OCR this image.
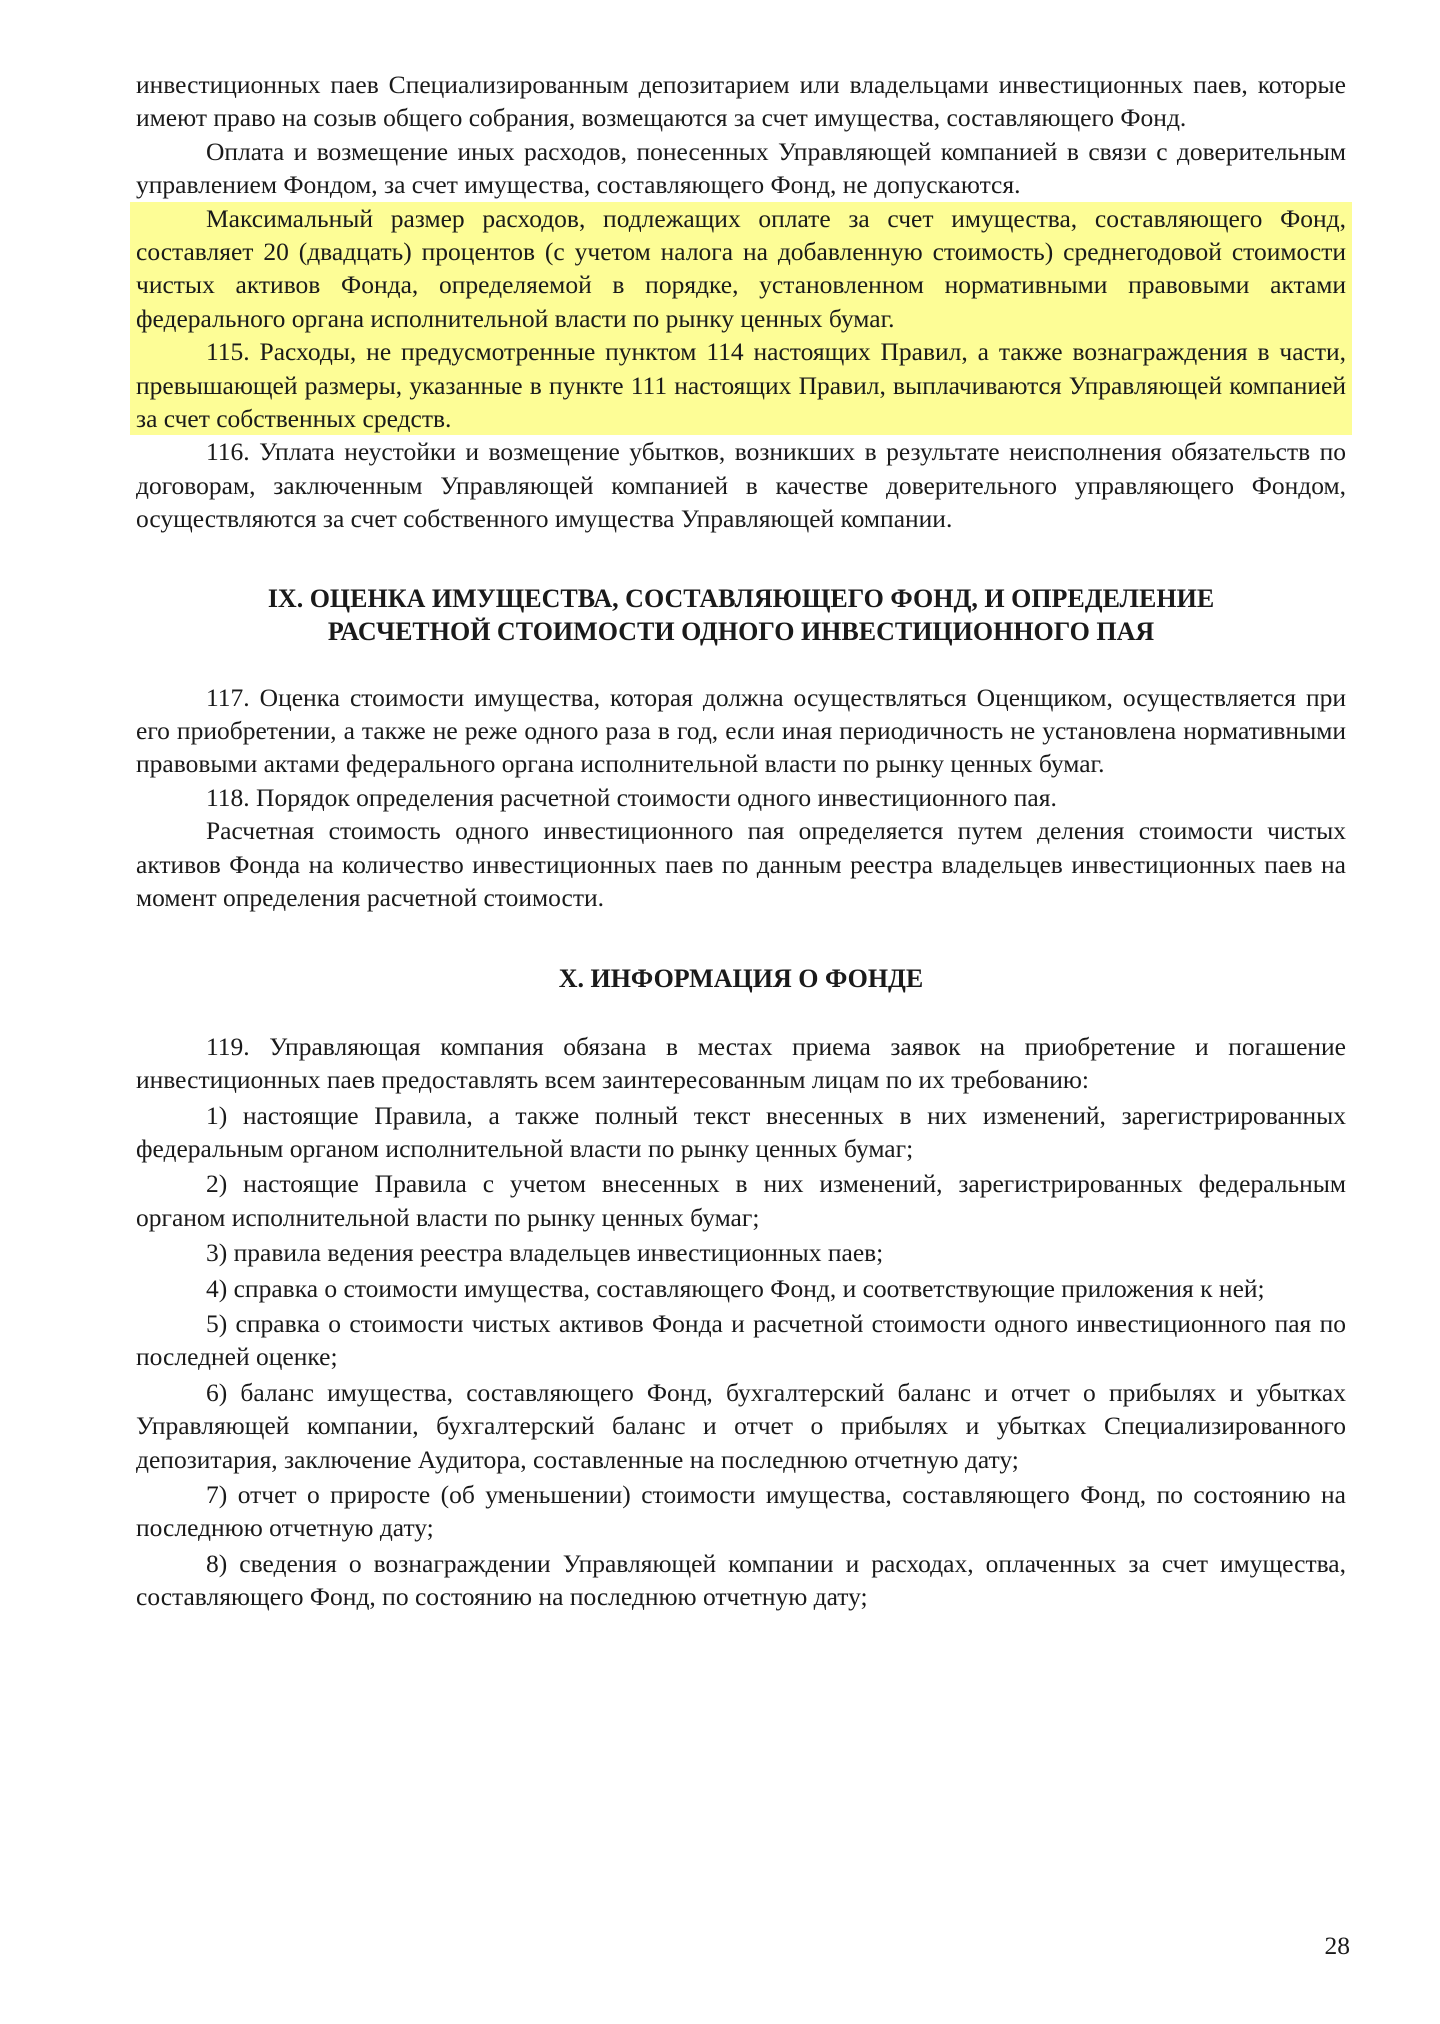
инвестиционных паев Специализированным депозитарием или владельцами инвестиционных паев, которые имеют право на созыв общего собрания, возмещаются за счет имущества, составляющего Фонд.

Оплата и возмещение иных расходов, понесенных Управляющей компанией в связи с доверительным управлением Фондом, за счет имущества, составляющего Фонд, не допускаются.

Максимальный размер расходов, подлежащих оплате за счет имущества, составляющего Фонд, составляет 20 (двадцать) процентов (с учетом налога на добавленную стоимость) среднегодовой стоимости чистых активов Фонда, определяемой в порядке, установленном нормативными правовыми актами федерального органа исполнительной власти по рынку ценных бумаг.

115. Расходы, не предусмотренные пунктом 114 настоящих Правил, а также вознаграждения в части, превышающей размеры, указанные в пункте 111 настоящих Правил, выплачиваются Управляющей компанией за счет собственных средств.

116. Уплата неустойки и возмещение убытков, возникших в результате неисполнения обязательств по договорам, заключенным Управляющей компанией в качестве доверительного управляющего Фондом, осуществляются за счет собственного имущества Управляющей компании.

IX. ОЦЕНКА ИМУЩЕСТВА, СОСТАВЛЯЮЩЕГО ФОНД, И ОПРЕДЕЛЕНИЕ
РАСЧЕТНОЙ СТОИМОСТИ ОДНОГО ИНВЕСТИЦИОННОГО ПАЯ

117. Оценка стоимости имущества, которая должна осуществляться Оценщиком, осуществляется при его приобретении, а также не реже одного раза в год, если иная периодичность не установлена нормативными правовыми актами федерального органа исполнительной власти по рынку ценных бумаг.

118. Порядок определения расчетной стоимости одного инвестиционного пая.

Расчетная стоимость одного инвестиционного пая определяется путем деления стоимости чистых активов Фонда на количество инвестиционных паев по данным реестра владельцев инвестиционных паев на момент определения расчетной стоимости.

X. ИНФОРМАЦИЯ О ФОНДЕ

119. Управляющая компания обязана в местах приема заявок на приобретение и погашение инвестиционных паев предоставлять всем заинтересованным лицам по их требованию:

1) настоящие Правила, а также полный текст внесенных в них изменений, зарегистрированных федеральным органом исполнительной власти по рынку ценных бумаг;

2) настоящие Правила с учетом внесенных в них изменений, зарегистрированных федеральным органом исполнительной власти по рынку ценных бумаг;

3) правила ведения реестра владельцев инвестиционных паев;

4) справка о стоимости имущества, составляющего Фонд, и соответствующие приложения к ней;

5) справка о стоимости чистых активов Фонда и расчетной стоимости одного инвестиционного пая по последней оценке;

6) баланс имущества, составляющего Фонд, бухгалтерский баланс и отчет о прибылях и убытках Управляющей компании, бухгалтерский баланс и отчет о прибылях и убытках Специализированного депозитария, заключение Аудитора, составленные на последнюю отчетную дату;

7) отчет о приросте (об уменьшении) стоимости имущества, составляющего Фонд, по состоянию на последнюю отчетную дату;

8) сведения о вознаграждении Управляющей компании и расходах, оплаченных за счет имущества, составляющего Фонд, по состоянию на последнюю отчетную дату;

28
